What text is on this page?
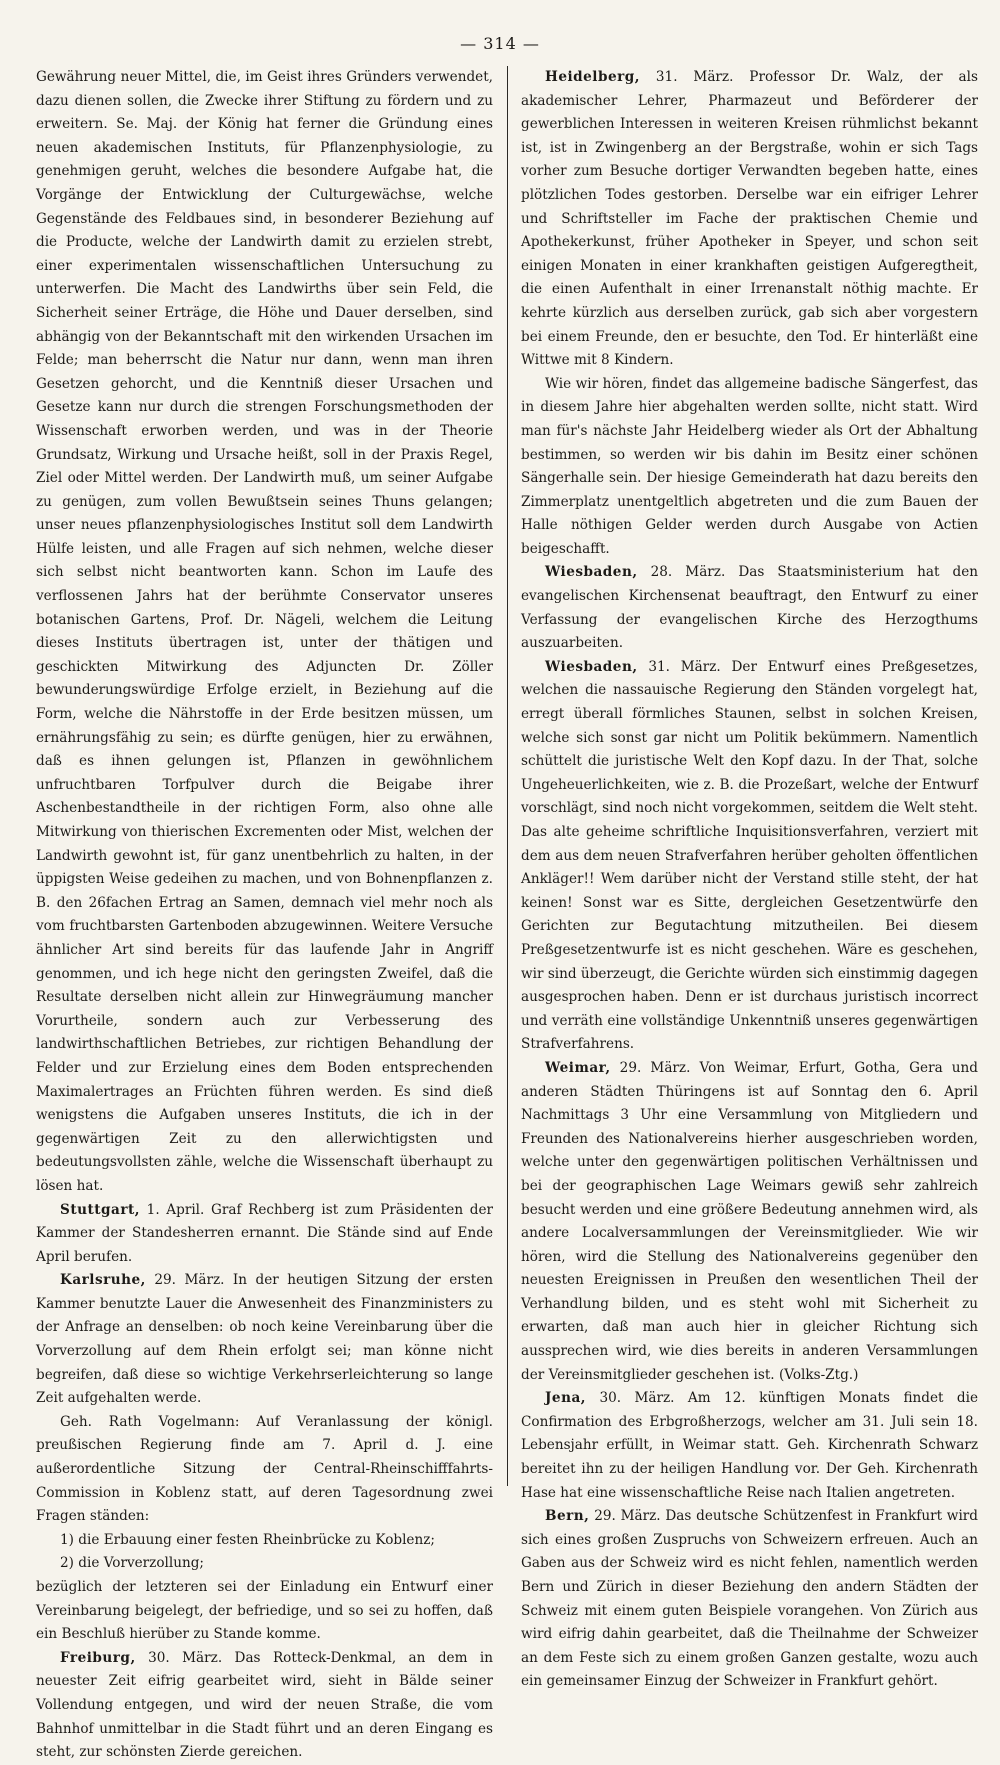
— 314 —

Gewährung neuer Mittel, die, im Geist ihres Gründers verwendet, dazu dienen sollen, die Zwecke ihrer Stiftung zu fördern und zu erweitern. Se. Maj. der König hat ferner die Gründung eines neuen akademischen Instituts, für Pflanzenphysiologie, zu genehmigen geruht, welches die besondere Aufgabe hat, die Vorgänge der Entwicklung der Culturgewächse, welche Gegenstände des Feldbaues sind, in besonderer Beziehung auf die Producte, welche der Landwirth damit zu erzielen strebt, einer experimentalen wissenschaftlichen Untersuchung zu unterwerfen. Die Macht des Landwirths über sein Feld, die Sicherheit seiner Erträge, die Höhe und Dauer derselben, sind abhängig von der Bekanntschaft mit den wirkenden Ursachen im Felde; man beherrscht die Natur nur dann, wenn man ihren Gesetzen gehorcht, und die Kenntniß dieser Ursachen und Gesetze kann nur durch die strengen Forschungsmethoden der Wissenschaft erworben werden, und was in der Theorie Grundsatz, Wirkung und Ursache heißt, soll in der Praxis Regel, Ziel oder Mittel werden. Der Landwirth muß, um seiner Aufgabe zu genügen, zum vollen Bewußtsein seines Thuns gelangen; unser neues pflanzenphysiologisches Institut soll dem Landwirth Hülfe leisten, und alle Fragen auf sich nehmen, welche dieser sich selbst nicht beantworten kann. Schon im Laufe des verflossenen Jahrs hat der berühmte Conservator unseres botanischen Gartens, Prof. Dr. Nägeli, welchem die Leitung dieses Instituts übertragen ist, unter der thätigen und geschickten Mitwirkung des Adjuncten Dr. Zöller bewunderungswürdige Erfolge erzielt, in Beziehung auf die Form, welche die Nährstoffe in der Erde besitzen müssen, um ernährungsfähig zu sein; es dürfte genügen, hier zu erwähnen, daß es ihnen gelungen ist, Pflanzen in gewöhnlichem unfruchtbaren Torfpulver durch die Beigabe ihrer Aschenbestandtheile in der richtigen Form, also ohne alle Mitwirkung von thierischen Excrementen oder Mist, welchen der Landwirth gewohnt ist, für ganz unentbehrlich zu halten, in der üppigsten Weise gedeihen zu machen, und von Bohnenpflanzen z. B. den 26fachen Ertrag an Samen, demnach viel mehr noch als vom fruchtbarsten Gartenboden abzugewinnen. Weitere Versuche ähnlicher Art sind bereits für das laufende Jahr in Angriff genommen, und ich hege nicht den geringsten Zweifel, daß die Resultate derselben nicht allein zur Hinwegräumung mancher Vorurtheile, sondern auch zur Verbesserung des landwirthschaftlichen Betriebes, zur richtigen Behandlung der Felder und zur Erzielung eines dem Boden entsprechenden Maximalertrages an Früchten führen werden. Es sind dieß wenigstens die Aufgaben unseres Instituts, die ich in der gegenwärtigen Zeit zu den allerwichtigsten und bedeutungsvollsten zähle, welche die Wissenschaft überhaupt zu lösen hat.

Stuttgart, 1. April. Graf Rechberg ist zum Präsidenten der Kammer der Standesherren ernannt. Die Stände sind auf Ende April berufen.

Karlsruhe, 29. März. In der heutigen Sitzung der ersten Kammer benutzte Lauer die Anwesenheit des Finanzministers zu der Anfrage an denselben: ob noch keine Vereinbarung über die Vorverzollung auf dem Rhein erfolgt sei; man könne nicht begreifen, daß diese so wichtige Verkehrserleichterung so lange Zeit aufgehalten werde.

Geh. Rath Vogelmann: Auf Veranlassung der königl. preußischen Regierung finde am 7. April d. J. eine außerordentliche Sitzung der Central-Rheinschifffahrts-Commission in Koblenz statt, auf deren Tagesordnung zwei Fragen ständen:

1) die Erbauung einer festen Rheinbrücke zu Koblenz;
2) die Vorverzollung;

bezüglich der letzteren sei der Einladung ein Entwurf einer Vereinbarung beigelegt, der befriedige, und so sei zu hoffen, daß ein Beschluß hierüber zu Stande komme.

Freiburg, 30. März. Das Rotteck-Denkmal, an dem in neuester Zeit eifrig gearbeitet wird, sieht in Bälde seiner Vollendung entgegen, und wird der neuen Straße, die vom Bahnhof unmittelbar in die Stadt führt und an deren Eingang es steht, zur schönsten Zierde gereichen.

Heidelberg, 31. März. Professor Dr. Walz, der als akademischer Lehrer, Pharmazeut und Beförderer der gewerblichen Interessen in weiteren Kreisen rühmlichst bekannt ist, ist in Zwingenberg an der Bergstraße, wohin er sich Tags vorher zum Besuche dortiger Verwandten begeben hatte, eines plötzlichen Todes gestorben. Derselbe war ein eifriger Lehrer und Schriftsteller im Fache der praktischen Chemie und Apothekerkunst, früher Apotheker in Speyer, und schon seit einigen Monaten in einer krankhaften geistigen Aufgeregtheit, die einen Aufenthalt in einer Irrenanstalt nöthig machte. Er kehrte kürzlich aus derselben zurück, gab sich aber vorgestern bei einem Freunde, den er besuchte, den Tod. Er hinterläßt eine Wittwe mit 8 Kindern.

Wie wir hören, findet das allgemeine badische Sängerfest, das in diesem Jahre hier abgehalten werden sollte, nicht statt. Wird man für's nächste Jahr Heidelberg wieder als Ort der Abhaltung bestimmen, so werden wir bis dahin im Besitz einer schönen Sängerhalle sein. Der hiesige Gemeinderath hat dazu bereits den Zimmerplatz unentgeltlich abgetreten und die zum Bauen der Halle nöthigen Gelder werden durch Ausgabe von Actien beigeschafft.

Wiesbaden, 28. März. Das Staatsministerium hat den evangelischen Kirchensenat beauftragt, den Entwurf zu einer Verfassung der evangelischen Kirche des Herzogthums auszuarbeiten.

Wiesbaden, 31. März. Der Entwurf eines Preßgesetzes, welchen die nassauische Regierung den Ständen vorgelegt hat, erregt überall förmliches Staunen, selbst in solchen Kreisen, welche sich sonst gar nicht um Politik bekümmern. Namentlich schüttelt die juristische Welt den Kopf dazu. In der That, solche Ungeheuerlichkeiten, wie z. B. die Prozeßart, welche der Entwurf vorschlägt, sind noch nicht vorgekommen, seitdem die Welt steht. Das alte geheime schriftliche Inquisitionsverfahren, verziert mit dem aus dem neuen Strafverfahren herüber geholten öffentlichen Ankläger!! Wem darüber nicht der Verstand stille steht, der hat keinen! Sonst war es Sitte, dergleichen Gesetzentwürfe den Gerichten zur Begutachtung mitzutheilen. Bei diesem Preßgesetzentwurfe ist es nicht geschehen. Wäre es geschehen, wir sind überzeugt, die Gerichte würden sich einstimmig dagegen ausgesprochen haben. Denn er ist durchaus juristisch incorrect und verräth eine vollständige Unkenntniß unseres gegenwärtigen Strafverfahrens.

Weimar, 29. März. Von Weimar, Erfurt, Gotha, Gera und anderen Städten Thüringens ist auf Sonntag den 6. April Nachmittags 3 Uhr eine Versammlung von Mitgliedern und Freunden des Nationalvereins hierher ausgeschrieben worden, welche unter den gegenwärtigen politischen Verhältnissen und bei der geographischen Lage Weimars gewiß sehr zahlreich besucht werden und eine größere Bedeutung annehmen wird, als andere Localversammlungen der Vereinsmitglieder. Wie wir hören, wird die Stellung des Nationalvereins gegenüber den neuesten Ereignissen in Preußen den wesentlichen Theil der Verhandlung bilden, und es steht wohl mit Sicherheit zu erwarten, daß man auch hier in gleicher Richtung sich aussprechen wird, wie dies bereits in anderen Versammlungen der Vereinsmitglieder geschehen ist. (Volks-Ztg.)

Jena, 30. März. Am 12. künftigen Monats findet die Confirmation des Erbgroßherzogs, welcher am 31. Juli sein 18. Lebensjahr erfüllt, in Weimar statt. Geh. Kirchenrath Schwarz bereitet ihn zu der heiligen Handlung vor. Der Geh. Kirchenrath Hase hat eine wissenschaftliche Reise nach Italien angetreten.

Bern, 29. März. Das deutsche Schützenfest in Frankfurt wird sich eines großen Zuspruchs von Schweizern erfreuen. Auch an Gaben aus der Schweiz wird es nicht fehlen, namentlich werden Bern und Zürich in dieser Beziehung den andern Städten der Schweiz mit einem guten Beispiele vorangehen. Von Zürich aus wird eifrig dahin gearbeitet, daß die Theilnahme der Schweizer an dem Feste sich zu einem großen Ganzen gestalte, wozu auch ein gemeinsamer Einzug der Schweizer in Frankfurt gehört.
